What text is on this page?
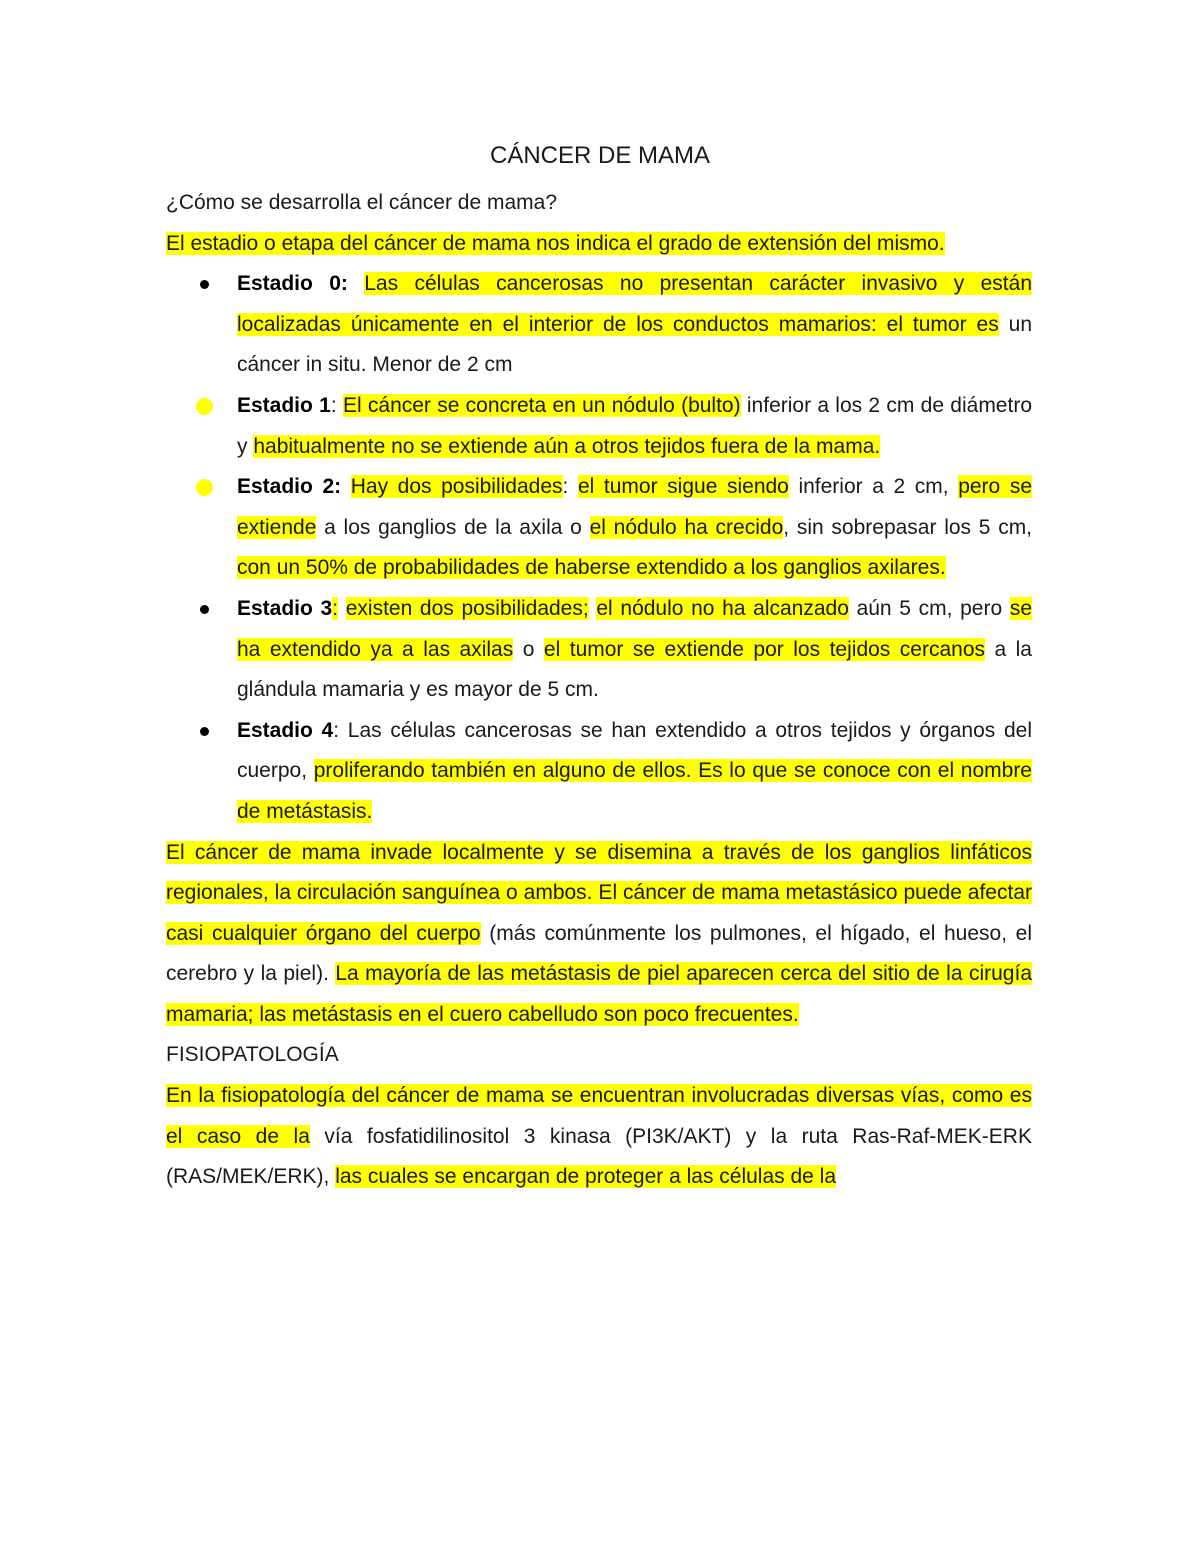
CÁNCER DE MAMA

¿Cómo se desarrolla el cáncer de mama?

El estadio o etapa del cáncer de mama nos indica el grado de extensión del mismo.

Estadio 0: Las células cancerosas no presentan carácter invasivo y están localizadas únicamente en el interior de los conductos mamarios: el tumor es un cáncer in situ. Menor de 2 cm
Estadio 1: El cáncer se concreta en un nódulo (bulto) inferior a los 2 cm de diámetro y habitualmente no se extiende aún a otros tejidos fuera de la mama.
Estadio 2: Hay dos posibilidades: el tumor sigue siendo inferior a 2 cm, pero se extiende a los ganglios de la axila o el nódulo ha crecido, sin sobrepasar los 5 cm, con un 50% de probabilidades de haberse extendido a los ganglios axilares.
Estadio 3: existen dos posibilidades; el nódulo no ha alcanzado aún 5 cm, pero se ha extendido ya a las axilas o el tumor se extiende por los tejidos cercanos a la glándula mamaria y es mayor de 5 cm.
Estadio 4: Las células cancerosas se han extendido a otros tejidos y órganos del cuerpo, proliferando también en alguno de ellos. Es lo que se conoce con el nombre de metástasis.

El cáncer de mama invade localmente y se disemina a través de los ganglios linfáticos regionales, la circulación sanguínea o ambos. El cáncer de mama metastásico puede afectar casi cualquier órgano del cuerpo (más comúnmente los pulmones, el hígado, el hueso, el cerebro y la piel). La mayoría de las metástasis de piel aparecen cerca del sitio de la cirugía mamaria; las metástasis en el cuero cabelludo son poco frecuentes.

FISIOPATOLOGÍA

En la fisiopatología del cáncer de mama se encuentran involucradas diversas vías, como es el caso de la vía fosfatidilinositol 3 kinasa (PI3K/AKT) y la ruta Ras-Raf-MEK-ERK (RAS/MEK/ERK), las cuales se encargan de proteger a las células de la
